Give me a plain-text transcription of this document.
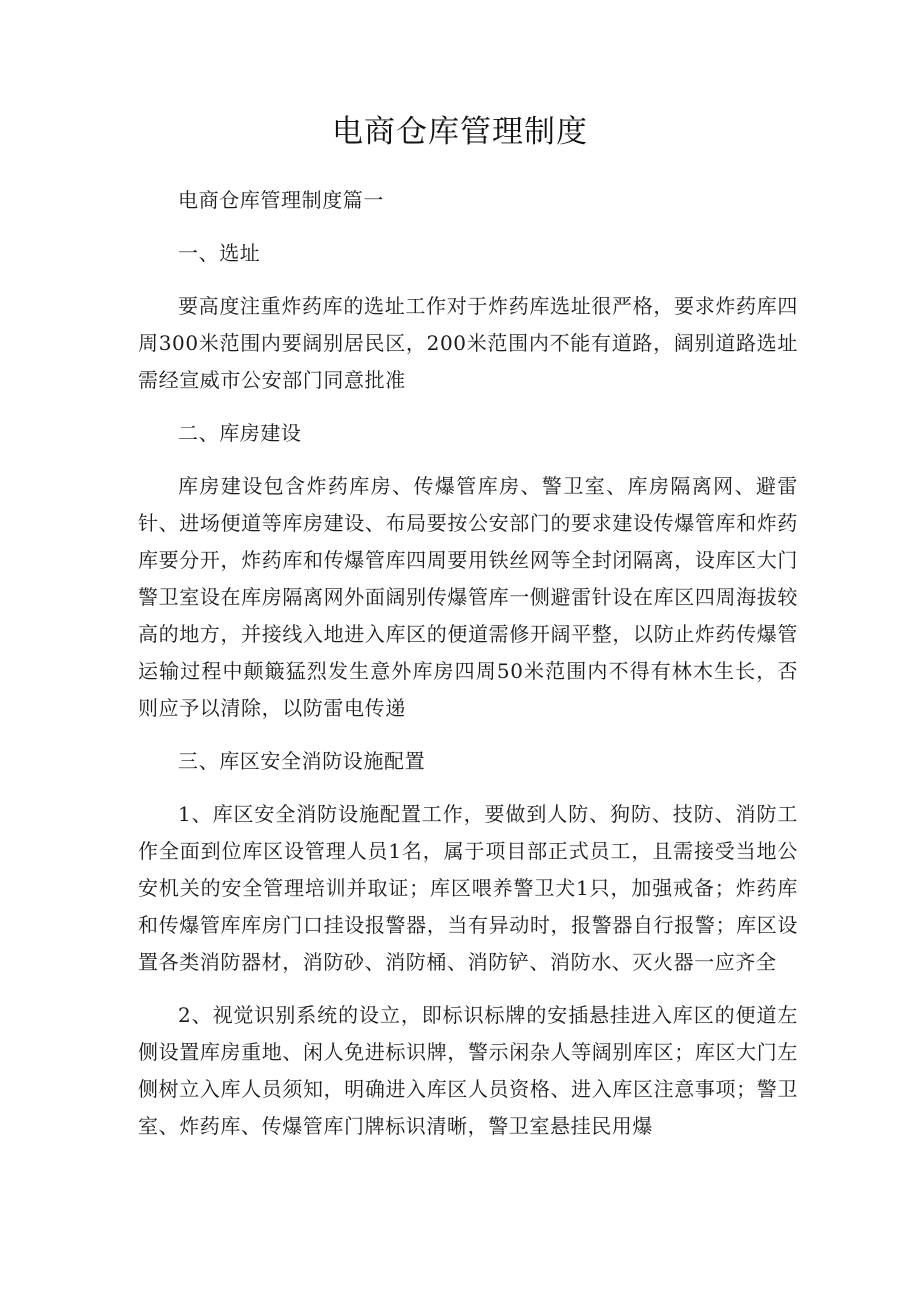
电商仓库管理制度

电商仓库管理制度篇一

一、选址

要高度注重炸药库的选址工作对于炸药库选址很严格，要求炸药库四周300米范围内要阔别居民区，200米范围内不能有道路，阔别道路选址需经宣威市公安部门同意批准

二、库房建设

库房建设包含炸药库房、传爆管库房、警卫室、库房隔离网、避雷针、进场便道等库房建设、布局要按公安部门的要求建设传爆管库和炸药库要分开，炸药库和传爆管库四周要用铁丝网等全封闭隔离，设库区大门警卫室设在库房隔离网外面阔别传爆管库一侧避雷针设在库区四周海拔较高的地方，并接线入地进入库区的便道需修开阔平整，以防止炸药传爆管运输过程中颠簸猛烈发生意外库房四周50米范围内不得有林木生长，否则应予以清除，以防雷电传递

三、库区安全消防设施配置

1、库区安全消防设施配置工作，要做到人防、狗防、技防、消防工作全面到位库区设管理人员1名，属于项目部正式员工，且需接受当地公安机关的安全管理培训并取证；库区喂养警卫犬1只，加强戒备；炸药库和传爆管库库房门口挂设报警器，当有异动时，报警器自行报警；库区设置各类消防器材，消防砂、消防桶、消防铲、消防水、灭火器一应齐全

2、视觉识别系统的设立，即标识标牌的安插悬挂进入库区的便道左侧设置库房重地、闲人免进标识牌，警示闲杂人等阔别库区；库区大门左侧树立入库人员须知，明确进入库区人员资格、进入库区注意事项；警卫室、炸药库、传爆管库门牌标识清晰，警卫室悬挂民用爆
